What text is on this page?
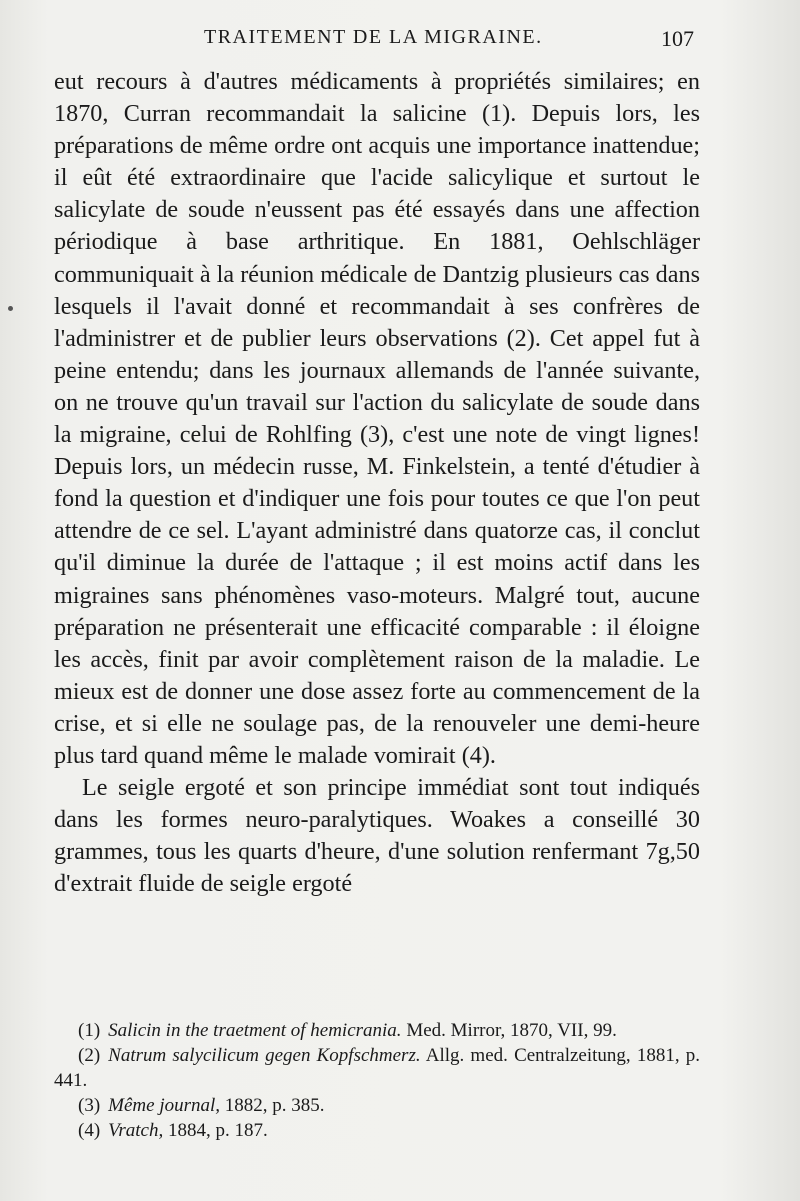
TRAITEMENT DE LA MIGRAINE.	107

eut recours à d'autres médicaments à propriétés similaires; en 1870, Curran recommandait la salicine (1). Depuis lors, les préparations de même ordre ont acquis une importance inattendue; il eût été extraordinaire que l'acide salicylique et surtout le salicylate de soude n'eussent pas été essayés dans une affection périodique à base arthritique. En 1881, Oehlschläger communiquait à la réunion médicale de Dantzig plusieurs cas dans lesquels il l'avait donné et recommandait à ses confrères de l'administrer et de publier leurs observations (2). Cet appel fut à peine entendu; dans les journaux allemands de l'année suivante, on ne trouve qu'un travail sur l'action du salicylate de soude dans la migraine, celui de Rohlfing (3), c'est une note de vingt lignes! Depuis lors, un médecin russe, M. Finkelstein, a tenté d'étudier à fond la question et d'indiquer une fois pour toutes ce que l'on peut attendre de ce sel. L'ayant administré dans quatorze cas, il conclut qu'il diminue la durée de l'attaque ; il est moins actif dans les migraines sans phénomènes vaso-moteurs. Malgré tout, aucune préparation ne présenterait une efficacité comparable : il éloigne les accès, finit par avoir complètement raison de la maladie. Le mieux est de donner une dose assez forte au commencement de la crise, et si elle ne soulage pas, de la renouveler une demi-heure plus tard quand même le malade vomirait (4).

Le seigle ergoté et son principe immédiat sont tout indiqués dans les formes neuro-paralytiques. Woakes a conseillé 30 grammes, tous les quarts d'heure, d'une solution renfermant 7g,50 d'extrait fluide de seigle ergoté

(1) Salicin in the traetment of hemicrania. Med. Mirror, 1870, VII, 99.

(2) Natrum salycilicum gegen Kopfschmerz. Allg. med. Centralzeitung, 1881, p. 441.

(3) Même journal, 1882, p. 385.

(4) Vratch, 1884, p. 187.
